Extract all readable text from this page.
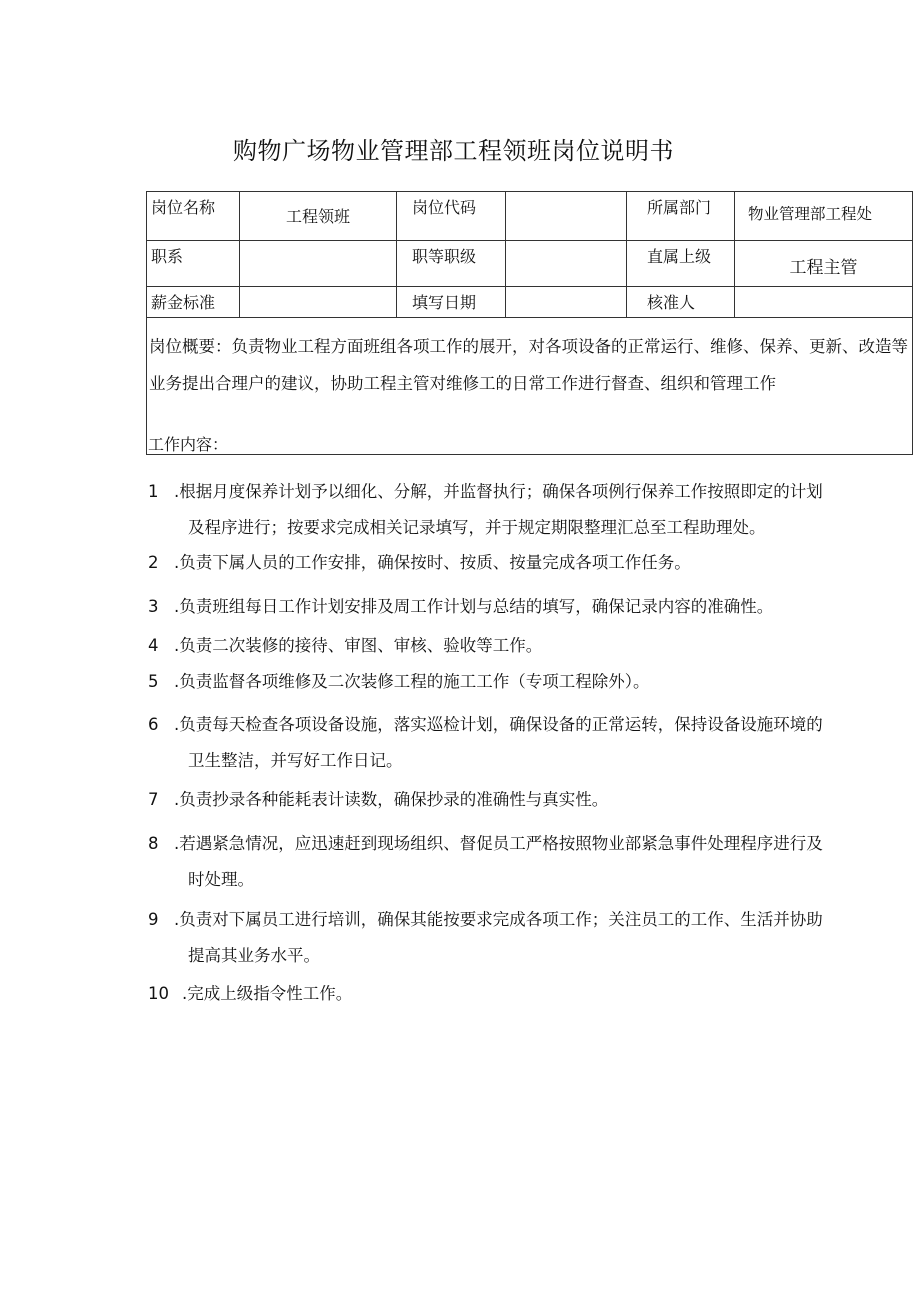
购物广场物业管理部工程领班岗位说明书
岗位名称	工程领班	岗位代码		所属部门	物业管理部工程处
职系		职等职级		直属上级	工程主管
薪金标准		填写日期		核准人	
岗位概要：负责物业工程方面班组各项工作的展开，对各项设备的正常运行、维修、保养、更新、改造等业务提出合理户的建议，协助工程主管对维修工的日常工作进行督查、组织和管理工作					
工作内容：
1 .根据月度保养计划予以细化、分解，并监督执行；确保各项例行保养工作按照即定的计划
及程序进行；按要求完成相关记录填写，并于规定期限整理汇总至工程助理处。
2 .负责下属人员的工作安排，确保按时、按质、按量完成各项工作任务。
3 .负责班组每日工作计划安排及周工作计划与总结的填写，确保记录内容的准确性。
4 .负责二次装修的接待、审图、审核、验收等工作。
5 .负责监督各项维修及二次装修工程的施工工作（专项工程除外）。
6 .负责每天检查各项设备设施，落实巡检计划，确保设备的正常运转，保持设备设施环境的
卫生整洁，并写好工作日记。
7 .负责抄录各种能耗表计读数，确保抄录的准确性与真实性。
8 .若遇紧急情况，应迅速赶到现场组织、督促员工严格按照物业部紧急事件处理程序进行及
时处理。
9 .负责对下属员工进行培训，确保其能按要求完成各项工作；关注员工的工作、生活并协助
提高其业务水平。
10 .完成上级指令性工作。
